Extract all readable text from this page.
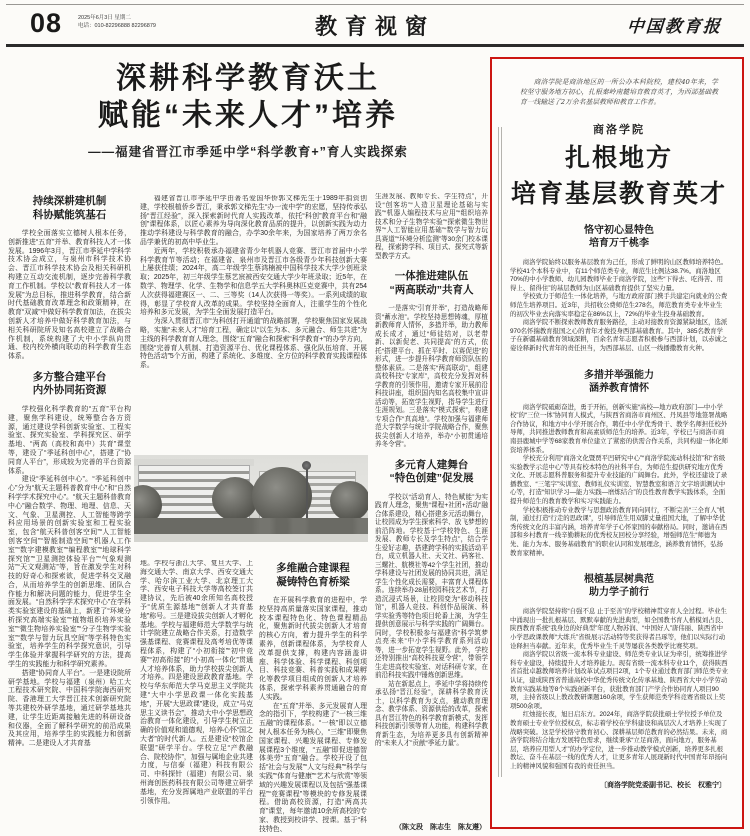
08	2025年6月3日 星期二
电话：010-82296888 82296879	教育视窗	中国教育报
深耕科学教育沃土
赋能“未来人才”培养
——福建省晋江市季延中学“科学教育+”育人实践探索
持续深耕建机制
科协赋能筑基石

学校全面落实立德树人根本任务，创新推进“五育”并举、教育科技人才一体发展。1996年3月，晋江市季延中学科学技术协会成立，与泉州市科学技术协会、晋江市科学技术协会及相关科研机构建立互动交流机制，逐步完善科学教育工作机制。学校以“教育科技人才一体发展”为总目标，推进科学教育，结合新时代基础教育改革理念和政策精神，在教育“双减”中做好科学教育加法，在拔尖创新人才培养中做好科学教育加法，与相关科研院所及知名高校建立了战略合作机制，系统构建了大中小学纵向贯通、校内校外横向联动的科学教育生态体系。

多方整合建平台
内外协同拓资源

学校强化科学教育的“五育”平台构建，聚焦学科建设，统筹整合各方资源，通过建设学科创新实验室、工程实验室、探究实验室、学科探究区、研学基地、“两高（高校和高中）共育”课堂等，建设了“季延科创中心”，搭建了“协同育人平台”，形成较为完善的平台资源体系。

建设“季延科创中心”。“季延科创中心”分为“航天主题科普教育中心”和“自然科学学术探究中心”。“航天主题科普教育中心”融合数学、物理、地理、信息、天文、气象、卫星测控、人工智能等跨学科应用场景的创新实验室和工程实验室，包含“航天科普创客空间”“人工智能创客空间”“智能制造空间”“机器人工作室”“数字建模教室”“编程教室”“地球科学探究馆”“卫星测控体验平台”“气象观测站”“天文观测站”等，旨在激发学生对科技的好奇心和探索欲，促进学科交叉融合，从而培养学生的创新思维、团队合作能力和解决问题的能力，促进学生全面发展。“自然科学学术探究中心”在学科类实验室建设的基础上，新建了“环境分析探究高端实验室”“植物组织培养实验室”“微生物培养实验室”“分子生物学实验室”“数学与智力玩具空间”等学科特色实验室，培养学生的科学探究意识，引导学生体验并掌握科学研究的方法，提高学生的实践能力和科学研究素养。

搭建“协同育人平台”。一是建设院所研学基地。学校与福建（泉州）哈工大工程技术研究院、中国科学院海西研究院、香港理工大学晋江技术创新研究院等共建校外研学基地，通过研学基地共建，让学生近距离接触先进的科研设备和仪器，全面了解科学研究的前沿成果及其应用，培养学生的实践能力和创新精神。二是建设人才共育基

福建省晋江市季延中学由著名爱国华侨郭文梯先生于1989年捐资创建，学校根植侨乡晋江，秉承郭文梯先生“办一流中学”的宏愿，坚持传承弘扬“晋江经验”，深入探索新时代育人实践改革，依托“科创”教育平台和“融创”课程体系，以匠心素养为导向深化教育品质的提升，以创新实践为动力推动学科建设与科学教育的融合，办学30余年来，为国家培养了两万余名品学兼优的初高中毕业生。

近两年，学校积极承办福建省青少年机器人竞赛、晋江市首届中小学科学教育节等活动；在福建省、泉州市及晋江市各级青少年科技创新大赛上屡获佳绩；2024年，高二年级学生蔡鸿楠被中国科学技术大学少创班录取；2025年，初三年级学生蔡艺宸被西安交通大学少年班录取；近5年，在数学、物理学、化学、生物学和信息学五大学科奥林匹克竞赛中，共有254人次获得福建赛区一、二、三等奖（14人次获得一等奖）。一系列成绩的取得，彰显了学校育人改革的成果。学校坚持全面育人，注重学生的个性化培养和多元发展，为学生全面发展打造平台。

为深入贯彻晋江市“为科创打开通道”的战略部署，学校聚焦国家发展战略，实施“未来人才”培育工程，确定以“以生为本、多元融合、师生共进”为主线的科学教育育人理念，围绕“五育”融合和探索“科学教育+”的办学方向，围绕“完善育人机制、打造资源平台、优化课程体系、强化队伍培育、开展特色活动”5个方面，构建了系统化、多维度、全方位的科学教育实践课程体系。

地。学校与浙江大学、复旦大学、上海交通大学、南京大学、西安交通大学、哈尔滨工业大学、北京理工大学、西安电子科技大学等高校签订共建协议，先后被40余所知名高校授予“优质生源基地”“创新人才共育基地”称号。三是建设拔尖创新人才孵化基地。学校与福建师范大学数学与统计学院建立战略合作关系，打造数学强基课程、竞赛课程及高考培优等课程体系，构建了“小初衔接”“初中竞赛”“初高衔接”的“小初高一体化”贯通人才培养体系，助力学校拔尖创新人才培养。四是建设思政教育基地。学校与华东师范大学马克思主义学院共建“大中小学思政课一体化实践基地”，开展“大思政课”建设，成立“马克思主义读书会”，推动大中小学思想政治教育一体化建设，引导学生树立正确的价值观和道德观，培养心怀“国之大者”的时代新人。五是建设“校馆企联盟”研学平台。学校立足“产教融合、院校协作”，加强与属地企业共建力度，与信泰（福建）科技有限公司、中科探针（福建）有限公司、泉州海创医药科技有限公司等建立研学基地，充分发挥属地产业联盟的平台引领作用。

多维融合建课程
凝铸特色育桥梁

在开展科学教育的进程中，学校坚持高质量落实国家课程，推动校本课程特色化、特色课程精品化，聚焦新时代拔尖创新人才培育的核心方向，着力提升学生的科学素养，创新课程体系，为学校育人改革提供支撑，构建内容涵盖讲座、科学体验、科学课程、科创项目、科技竞赛、科普实践和成果孵化等教学项目组成的创新人才培养体系，探索学科素养贯通融合的育人实践。

在“五育”并举、多元发展育人理念的指引下，学校构建了“一核三维五融”的课程体系。“一核”即以立德树人根本任务为核心，“三维”即聚焦国家课程、兴趣发展课程、专修发展课程3个维度，“五融”即促进德智体美劳“五育”融合。学校开设了包括“社会与发展”“人文与经典”“科学与实践”“体育与健康”“艺术与欣赏”等领域的兴趣发展课程以及包括“强基课程”“竞赛课程”等模块的专修发展课程。借助高校资源，打造“两高共育”课堂，每年邀请10余所高校的专家、教授到校讲学、授课。基于“科技特色、

生涯发展、教师专长、学生特点”，开设“创客坊”“人造卫星理论基础与实践”“机器人编程技术与应用”“组织培养技术和分子生物学实验”“探索微生物世界”“人工智能应用基础”“数学与智力玩具赛道”“环境分析监测”等30余门校本课程，探索跨学科、项目式、探究式等新型教学方式。

一体推进建队伍
“两高联动”共育人

一是落实“引育并举”，打造战略师资“蓄水池”。学校坚持思想铸魂，厚植新教师育人情怀，多措并举，助力教师成长成才，通过“师徒结对，以老带新、以新促老、共同提高”的方式，依托“搭建平台、抓在平时、以赛促进”的形式，进一步提升科学教育师资队伍的整体素质。二是落实“两高联动”，组建高校科技“专家库”，高校充分发挥对科学教育的引领作用，邀请专家开展前沿科技讲座，组织国内知名高校集中宣讲活动等，拓宽学生视野，指导学生进行生涯规划。三是落实“模式探索”，构建专项合作“真高地”。学校加强与福建师范大学数学与统计学院战略合作，聚焦拔尖创新人才培养，举办“小初贯通培养冬令营”。

多元育人建舞台
“特色创建”促发展

学校以“活动育人、特色赋能”为实践育人理念，聚焦“课程+社团+活动”融合体系建设，精心搭建多元活动舞台，让校园成为学生探索科学、放飞梦想的前沿阵地。学校基于“学校特色、生涯发展、教师专长及学生特点”，结合学生爱好志趣，搭建跨学科的实践活动平台，成立机器人社、天文社、码客社、三螺社、航模社等42个学生社团，推动学科建设与社团发展的协同共进，满足学生个性化成长需要，丰富育人课程体系。连续举办28届校园科技艺术节，打造沉浸式场景，让校园变为“移动科技馆”，机器人竞技、科创作品展演、科学实验秀等特色项目轮番上演，为学生提供创意展示与科学实践的广阔舞台。同时，学校积极参与福建省“科学筑梦点亮未来”中小学科学教育系列活动等，进一步拓宽学生视野。此外，学校还特别推出“高校科技夏令营”，带领学生走进高校实验室、对话科研专家，在前沿科技实践中锤炼创新思维。

站在新起点上，季延中学将持续传承弘扬“晋江经验”，深耕科学教育沃土，以科学教育为支点，撬动教育理念、教学体系、资源供给的改革，探索具有晋江特色的科学教育新模式，发挥科技创新引领等育人功能，构建科学教育新生态，为培养更多具有创新精神的“未来人才”贡献“季延力量”。

（陈文段　陈志生　陈友遵）

商洛学院是商洛地区的一所公办本科院校，建校40年来，学校坚守服务地方初心，扎根秦岭南麓培育教育英才，为西部基础教育一线输送了2万余名基层教师和教育工作者。

商洛学院
扎根地方
培育基层教育英才
恪守初心显特色
培育万千桃李

商洛学院始终以服务基层教育为己任，形成了鲜明的山区教师培养特色。学校41个本科专业中，有11个师范类专业，师范生比例达38.7%。商洛地区70%的中小学教师、幼儿园教师毕业于商洛学院，这些“下得去、吃得苦、用得上、留得住”的基层教师为山区基础教育提供了坚实力量。

学校致力于师范生一体化培养，与地方政府部门携手共建定向就业的公费师范生培养项目。近3年，共招收公费师范生278名，师范教育类专业毕业生的初次毕业去向落实率稳定在86%以上，72%的毕业生投身基础教育。

商洛学院不断探索教师教育服务路径，主动对接教育资源紧缺地区，选派970名怀揣教育报国之心的青年才俊投身西部基础教育。其中，385名教育学子在新疆基础教育领域深耕，百余名青年志愿者积极参与西部计划，以赤诚之姿诠释新时代青年的责任担当，为西部基层、山区一线播撒教育火种。

多措并举强能力
涵养教育情怀

商洛学院砥砺奋进，勇于开拓，创新实施“高校—地方政府部门—中小学校”的“三位一体”协同育人模式，与陕西省商洛市商州区、丹凤县等地签署战略合作协议，和地方中小学开展合作，聘任中小学优秀骨干、教学名师担任校外导师，共同推进教师教育和高素质师范生的培养。近3年，学校已与商洛市商南县鹿城中学等68家教育单位建立了紧密的供需合作关系，共同构建一体化师资培养体系。

学校充分利用“商洛文化暨贾平凹研究中心”“商洛学院流动科技馆”和“省级实验教学示范中心”等具有校本特色的社科平台，为师范生提供研究地方优秀文化、开展志愿科普服务和提升专业技能的广阔舞台。此外，学校还建设了录播教室、“三笔字”实训室、教师礼仪实训室、智慧教室和语言文字培训测试中心等，打造“知识学习—能力实践—磨炼结合”的良性教育教学实践体系，全面提升师范生的教育教学和实习实践能力。

学校积极推动专业教学与思想政治教育同向同行，不断完善“三全育人”机制，通过打造“行走的思政课”，引导师范生用双脚丈量祖国大地，了解中华优秀传统文化的丰富内涵，培养青年学子心怀家国的奉献格局。同时，邀请在西部和乡村教育一线辛勤耕耘的优秀校友回校分享经验，增强师范生“师德为先、能力为本、服务基础教育”的职业认同和发展理念，涵养教育情怀，弘扬教育家精神。

根植基层树典范
助力学子前行

商洛学院坚持将“自强不息 止于至善”的学校精神贯穿育人全过程。毕业生中涌现出一批扎根基层、默默奉献的先进典型，如全国教书育人楷模刘占良、陕西教育系统“我身边的好典型”年度人物苏润、“中国好人”唐伟丽、陕西省中小学思政课教师“大练兵”省级展示活动特等奖获得者吕琢等，他们以实际行动诠释担当奉献。近年来，优秀毕业生千灵等屡获各类教学比赛奖项。

商洛学院以省级一流本科专业建设、师范类专业认证为牵引，统筹推进学科专业建设，持续提升人才培养能力。现有省级一流本科专业11个，获得陕西省首批卓越教师培养计划改革试点项目2项，1个专业通过教育部门师范类专业认证，建成陕西省普通高校中华优秀传统文化传承基地、陕西省大中小学劳动教育实践基地等8个实践创新平台，获批教育部门产学合作协同育人项目90项，主持省级以上教改教研课题160余项，学生获师范类学科竞赛省级以上奖项500余项。

红烛接长夜，旭日启东方。2024年，商洛学院获批硕士学位授予单位及教育硕士专业学位授权点，标志着学校在学科建设和高层次人才培养上实现了战略突破。这是学校恪守教育初心、深耕基层师范教育的必然结果。未来，商洛学院将结合地方发展特色需求，继续秉承“立足商洛，面向地方，服务基层，培养应用型人才”的办学定位，进一步推动教学模式创新，培养更多扎根教坛、奋斗在基层一线的优秀人才，让更多青年人展现新时代中国青年昂扬向上的精神风貌和强国有我的责任担当。

〔商洛学院党委副书记、校长　权雅宁〕
